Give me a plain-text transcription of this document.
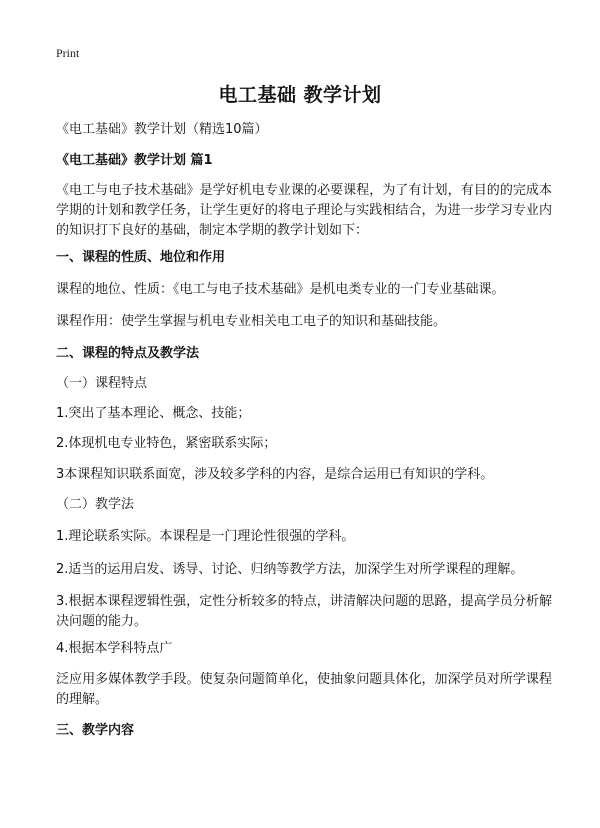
Print
电工基础 教学计划
《电工基础》教学计划（精选10篇）
《电工基础》教学计划 篇1
《电工与电子技术基础》是学好机电专业课的必要课程，为了有计划，有目的的完成本学期的计划和教学任务，让学生更好的将电子理论与实践相结合，为进一步学习专业内的知识打下良好的基础，制定本学期的教学计划如下：
一、课程的性质、地位和作用
课程的地位、性质：《电工与电子技术基础》是机电类专业的一门专业基础课。
课程作用：使学生掌握与机电专业相关电工电子的知识和基础技能。
二、课程的特点及教学法
（一）课程特点
1.突出了基本理论、概念、技能；
2.体现机电专业特色，紧密联系实际；
3本课程知识联系面宽，涉及较多学科的内容，是综合运用已有知识的学科。
（二）教学法
1.理论联系实际。本课程是一门理论性很强的学科。
2.适当的运用启发、诱导、讨论、归纳等教学方法，加深学生对所学课程的理解。
3.根据本课程逻辑性强，定性分析较多的特点，讲清解决问题的思路，提高学员分析解决问题的能力。
4.根据本学科特点广
泛应用多媒体教学手段。使复杂问题简单化，使抽象问题具体化，加深学员对所学课程的理解。
三、教学内容
